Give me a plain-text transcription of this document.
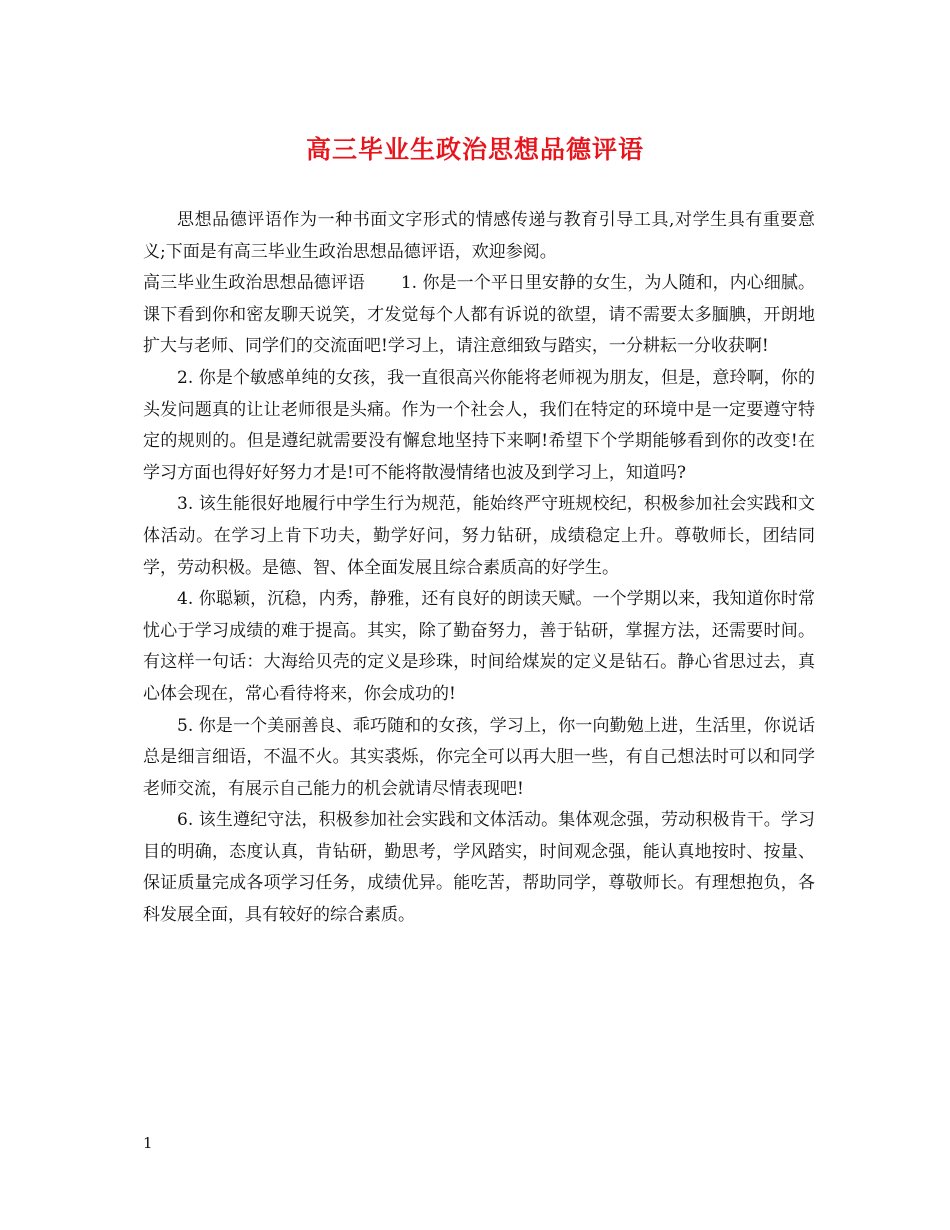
高三毕业生政治思想品德评语

思想品德评语作为一种书面文字形式的情感传递与教育引导工具,对学生具有重要意义;下面是有高三毕业生政治思想品德评语，欢迎参阅。

高三毕业生政治思想品德评语 1. 你是一个平日里安静的女生，为人随和，内心细腻。课下看到你和密友聊天说笑，才发觉每个人都有诉说的欲望，请不需要太多腼腆，开朗地扩大与老师、同学们的交流面吧!学习上，请注意细致与踏实，一分耕耘一分收获啊!

2. 你是个敏感单纯的女孩，我一直很高兴你能将老师视为朋友，但是，意玲啊，你的头发问题真的让让老师很是头痛。作为一个社会人，我们在特定的环境中是一定要遵守特定的规则的。但是遵纪就需要没有懈怠地坚持下来啊!希望下个学期能够看到你的改变!在学习方面也得好好努力才是!可不能将散漫情绪也波及到学习上，知道吗?

3. 该生能很好地履行中学生行为规范，能始终严守班规校纪，积极参加社会实践和文体活动。在学习上肯下功夫，勤学好问，努力钻研，成绩稳定上升。尊敬师长，团结同学，劳动积极。是德、智、体全面发展且综合素质高的好学生。

4. 你聪颖，沉稳，内秀，静雅，还有良好的朗读天赋。一个学期以来，我知道你时常忧心于学习成绩的难于提高。其实，除了勤奋努力，善于钻研，掌握方法，还需要时间。有这样一句话：大海给贝壳的定义是珍珠，时间给煤炭的定义是钻石。静心省思过去，真心体会现在，常心看待将来，你会成功的!

5. 你是一个美丽善良、乖巧随和的女孩，学习上，你一向勤勉上进，生活里，你说话总是细言细语，不温不火。其实裘烁，你完全可以再大胆一些，有自己想法时可以和同学老师交流，有展示自己能力的机会就请尽情表现吧!

6. 该生遵纪守法，积极参加社会实践和文体活动。集体观念强，劳动积极肯干。学习目的明确，态度认真，肯钻研，勤思考，学风踏实，时间观念强，能认真地按时、按量、保证质量完成各项学习任务，成绩优异。能吃苦，帮助同学，尊敬师长。有理想抱负，各科发展全面，具有较好的综合素质。

1
